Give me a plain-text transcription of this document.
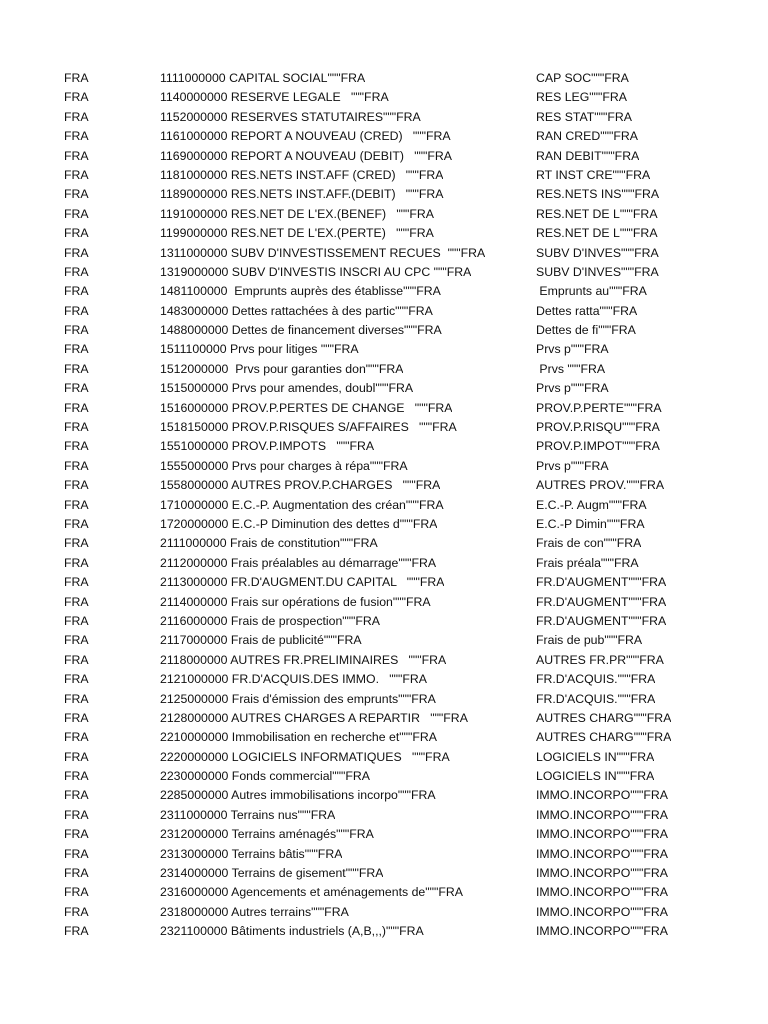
FRA	1111000000 CAPITAL SOCIAL"""FRA	CAP SOC"""FRA
FRA	1140000000 RESERVE LEGALE   """FRA	RES LEG"""FRA
FRA	1152000000 RESERVES STATUTAIRES"""FRA	RES STAT"""FRA
FRA	1161000000 REPORT A NOUVEAU (CRED)   """FRA	RAN CRED"""FRA
FRA	1169000000 REPORT A NOUVEAU (DEBIT)   """FRA	RAN DEBIT"""FRA
FRA	1181000000 RES.NETS INST.AFF (CRED)   """FRA	RT INST CRE"""FRA
FRA	1189000000 RES.NETS INST.AFF.(DEBIT)   """FRA	RES.NETS INS"""FRA
FRA	1191000000 RES.NET DE L'EX.(BENEF)   """FRA	RES.NET DE L"""FRA
FRA	1199000000 RES.NET DE L'EX.(PERTE)   """FRA	RES.NET DE L"""FRA
FRA	1311000000 SUBV D'INVESTISSEMENT RECUES  """FRA	SUBV D'INVES"""FRA
FRA	1319000000 SUBV D'INVESTIS INSCRI AU CPC """FRA	SUBV D'INVES"""FRA
FRA	1481100000  Emprunts auprès des établisse"""FRA	Emprunts au"""FRA
FRA	1483000000 Dettes rattachées à des partic"""FRA	Dettes ratta"""FRA
FRA	1488000000 Dettes de financement diverses"""FRA	Dettes de fi"""FRA
FRA	1511100000 Prvs pour litiges """FRA	Prvs p"""FRA
FRA	1512000000  Prvs pour garanties don"""FRA	Prvs """FRA
FRA	1515000000 Prvs pour amendes, doubl"""FRA	Prvs p"""FRA
FRA	1516000000 PROV.P.PERTES DE CHANGE   """FRA	PROV.P.PERTE"""FRA
FRA	1518150000 PROV.P.RISQUES S/AFFAIRES   """FRA	PROV.P.RISQU"""FRA
FRA	1551000000 PROV.P.IMPOTS   """FRA	PROV.P.IMPOT"""FRA
FRA	1555000000 Prvs pour charges à répa"""FRA	Prvs p"""FRA
FRA	1558000000 AUTRES PROV.P.CHARGES   """FRA	AUTRES PROV."""FRA
FRA	1710000000 E.C.-P. Augmentation des créan"""FRA	E.C.-P. Augm"""FRA
FRA	1720000000 E.C.-P Diminution des dettes d"""FRA	E.C.-P Dimin"""FRA
FRA	2111000000 Frais de constitution"""FRA	Frais de con"""FRA
FRA	2112000000 Frais préalables au démarrage"""FRA	Frais préala"""FRA
FRA	2113000000 FR.D'AUGMENT.DU CAPITAL   """FRA	FR.D'AUGMENT"""FRA
FRA	2114000000 Frais sur opérations de fusion"""FRA	FR.D'AUGMENT"""FRA
FRA	2116000000 Frais de prospection"""FRA	FR.D'AUGMENT"""FRA
FRA	2117000000 Frais de publicité"""FRA	Frais de pub"""FRA
FRA	2118000000 AUTRES FR.PRELIMINAIRES   """FRA	AUTRES FR.PR"""FRA
FRA	2121000000 FR.D'ACQUIS.DES IMMO.   """FRA	FR.D'ACQUIS."""FRA
FRA	2125000000 Frais d'émission des emprunts"""FRA	FR.D'ACQUIS."""FRA
FRA	2128000000 AUTRES CHARGES A REPARTIR   """FRA	AUTRES CHARG"""FRA
FRA	2210000000 Immobilisation en recherche et"""FRA	AUTRES CHARG"""FRA
FRA	2220000000 LOGICIELS INFORMATIQUES   """FRA	LOGICIELS IN"""FRA
FRA	2230000000 Fonds commercial"""FRA	LOGICIELS IN"""FRA
FRA	2285000000 Autres immobilisations incorpo"""FRA	IMMO.INCORPO"""FRA
FRA	2311000000 Terrains nus"""FRA	IMMO.INCORPO"""FRA
FRA	2312000000 Terrains aménagés"""FRA	IMMO.INCORPO"""FRA
FRA	2313000000 Terrains bâtis"""FRA	IMMO.INCORPO"""FRA
FRA	2314000000 Terrains de gisement"""FRA	IMMO.INCORPO"""FRA
FRA	2316000000 Agencements et aménagements de"""FRA	IMMO.INCORPO"""FRA
FRA	2318000000 Autres terrains"""FRA	IMMO.INCORPO"""FRA
FRA	2321100000 Bâtiments industriels (A,B,,,)"""FRA	IMMO.INCORPO"""FRA
